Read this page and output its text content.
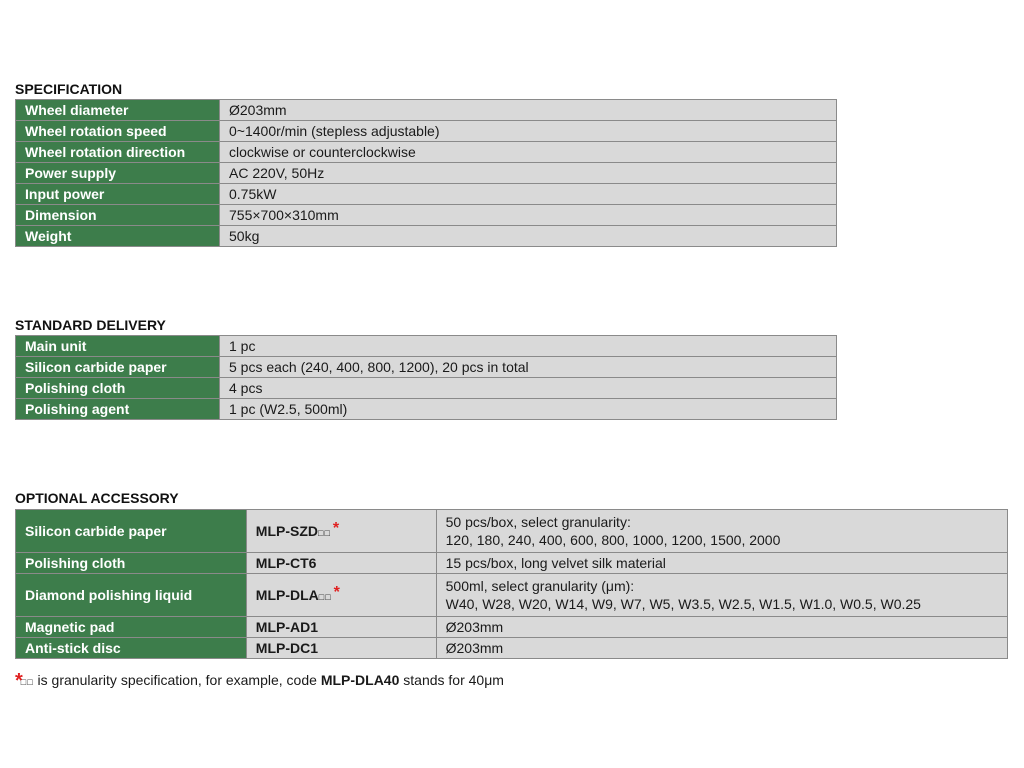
SPECIFICATION
Wheel diameter	Ø203mm
Wheel rotation speed	0~1400r/min (stepless adjustable)
Wheel rotation direction	clockwise or counterclockwise
Power supply	AC 220V, 50Hz
Input power	0.75kW
Dimension	755×700×310mm
Weight	50kg
STANDARD DELIVERY
Main unit	1 pc
Silicon carbide paper	5 pcs each (240, 400, 800, 1200), 20 pcs in total
Polishing cloth	4 pcs
Polishing agent	1 pc (W2.5, 500ml)
OPTIONAL ACCESSORY
Silicon carbide paper	MLP-SZD□□ *	50 pcs/box, select granularity:
120, 180, 240, 400, 600, 800, 1000, 1200, 1500, 2000

Polishing cloth	MLP-CT6	15 pcs/box, long velvet silk material
Diamond polishing liquid	MLP-DLA□□ *	500ml, select granularity (μm):
W40, W28, W20, W14, W9, W7, W5, W3.5, W2.5, W1.5, W1.0, W0.5, W0.25

Magnetic pad	MLP-AD1	Ø203mm
Anti-stick disc	MLP-DC1	Ø203mm
*□□ is granularity specification, for example, code MLP-DLA40 stands for 40μm
